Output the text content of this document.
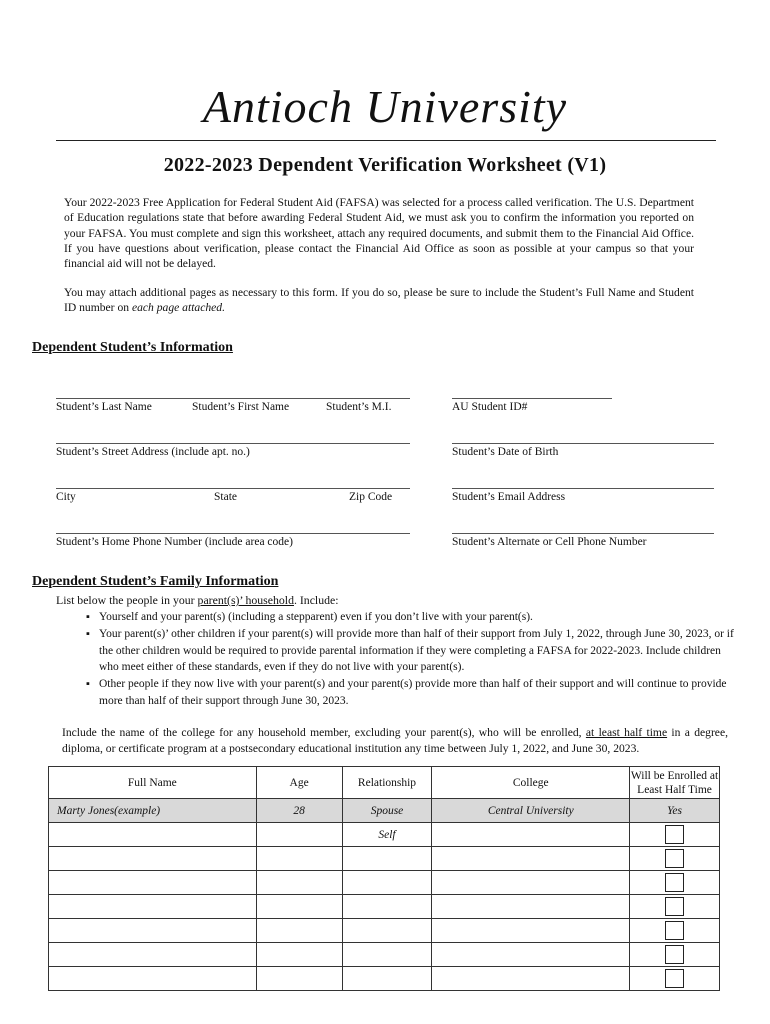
Antioch University
2022-2023 Dependent Verification Worksheet (V1)
Your 2022-2023 Free Application for Federal Student Aid (FAFSA) was selected for a process called verification. The U.S. Department of Education regulations state that before awarding Federal Student Aid, we must ask you to confirm the information you reported on your FAFSA. You must complete and sign this worksheet, attach any required documents, and submit them to the Financial Aid Office. If you have questions about verification, please contact the Financial Aid Office as soon as possible at your campus so that your financial aid will not be delayed.
You may attach additional pages as necessary to this form. If you do so, please be sure to include the Student’s Full Name and Student ID number on each page attached.
Dependent Student’s Information
Student’s Last Name	Student’s First Name	Student’s M.I.	AU Student ID#
Student’s Street Address (include apt. no.)	Student’s Date of Birth
City	State	Zip Code	Student’s Email Address
Student’s Home Phone Number (include area code)	Student’s Alternate or Cell Phone Number
Dependent Student’s Family Information
List below the people in your parent(s)’ household. Include:
▪ Yourself and your parent(s) (including a stepparent) even if you don’t live with your parent(s).
▪ Your parent(s)’ other children if your parent(s) will provide more than half of their support from July 1, 2022, through June 30, 2023, or if the other children would be required to provide parental information if they were completing a FAFSA for 2022-2023. Include children who meet either of these standards, even if they do not live with your parent(s).
▪ Other people if they now live with your parent(s) and your parent(s) provide more than half of their support and will continue to provide more than half of their support through June 30, 2023.
Include the name of the college for any household member, excluding your parent(s), who will be enrolled, at least half time in a degree, diploma, or certificate program at a postsecondary educational institution any time between July 1, 2022, and June 30, 2023.
Full Name	Age	Relationship	College	Will be Enrolled at Least Half Time
Marty Jones(example)	28	Spouse	Central University	Yes
		Self		
